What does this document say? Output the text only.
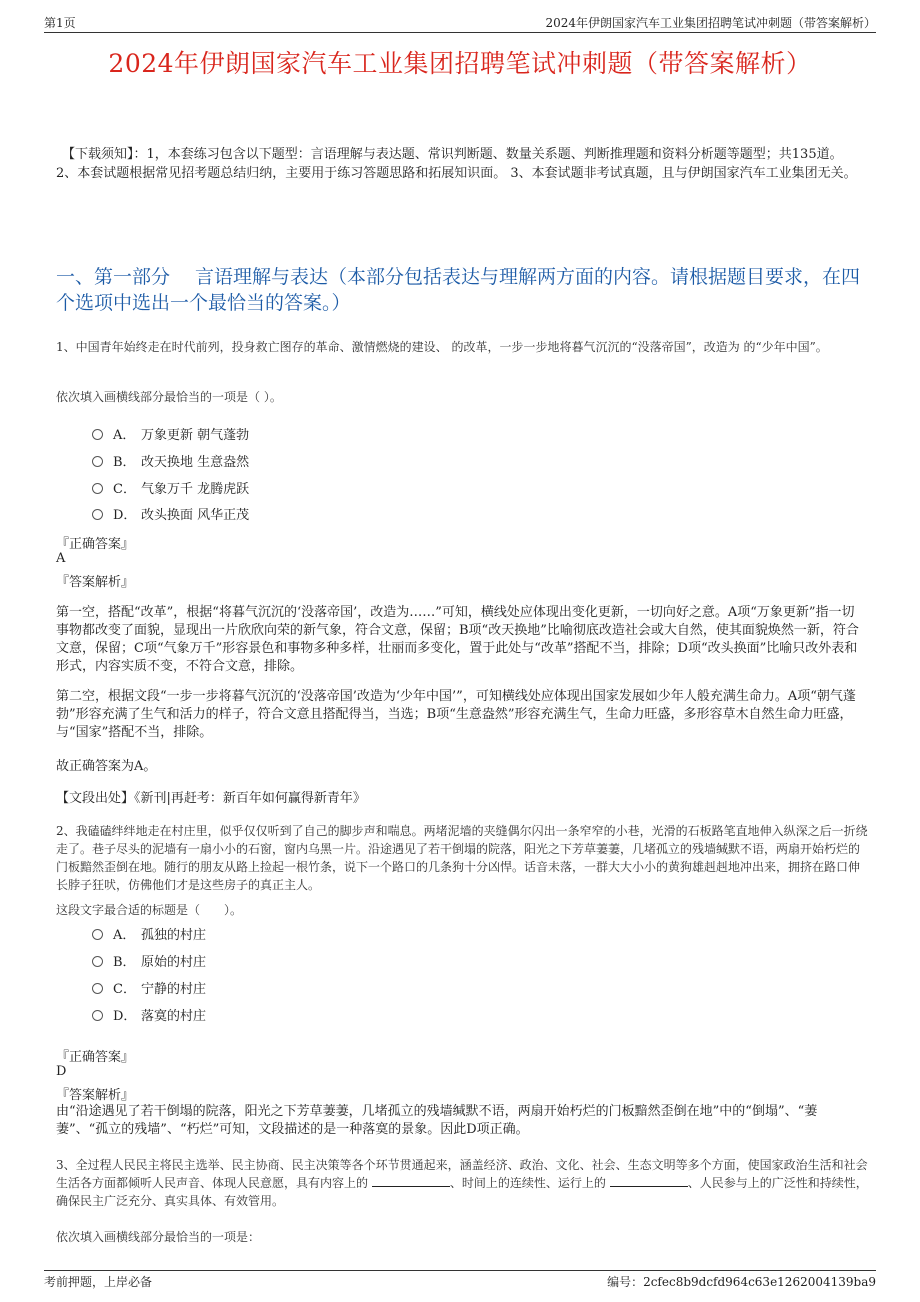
第1页	2024年伊朗国家汽车工业集团招聘笔试冲刺题（带答案解析）
2024年伊朗国家汽车工业集团招聘笔试冲刺题（带答案解析）
【下载须知】：1，本套练习包含以下题型：言语理解与表达题、常识判断题、数量关系题、判断推理题和资料分析题等题型；共135道。 2、本套试题根据常见招考题总结归纳，主要用于练习答题思路和拓展知识面。 3、本套试题非考试真题，且与伊朗国家汽车工业集团无关。
一、第一部分　 言语理解与表达（本部分包括表达与理解两方面的内容。请根据题目要求，在四个选项中选出一个最恰当的答案。）
1、中国青年始终走在时代前列，投身救亡图存的革命、激情燃烧的建设、 的改革，一步一步地将暮气沉沉的“没落帝国”，改造为 的“少年中国”。
依次填入画横线部分最恰当的一项是（ ）。
A． 万象更新 朝气蓬勃
B． 改天换地 生意盎然
C． 气象万千 龙腾虎跃
D． 改头换面 风华正茂
『正确答案』
A
『答案解析』
第一空，搭配“改革”，根据“将暮气沉沉的‘没落帝国’，改造为……”可知，横线处应体现出变化更新，一切向好之意。A项“万象更新”指一切事物都改变了面貌，显现出一片欣欣向荣的新气象，符合文意，保留；B项“改天换地”比喻彻底改造社会或大自然，使其面貌焕然一新，符合文意，保留；C项“气象万千”形容景色和事物多种多样，壮丽而多变化，置于此处与“改革”搭配不当，排除；D项“改头换面”比喻只改外表和形式，内容实质不变，不符合文意，排除。
第二空，根据文段“一步一步将暮气沉沉的‘没落帝国’改造为‘少年中国’”，可知横线处应体现出国家发展如少年人般充满生命力。A项“朝气蓬勃”形容充满了生气和活力的样子，符合文意且搭配得当，当选；B项“生意盎然”形容充满生气，生命力旺盛，多形容草木自然生命力旺盛，与“国家”搭配不当，排除。
故正确答案为A。
【文段出处】《新刊|再赶考：新百年如何赢得新青年》
2、我磕磕绊绊地走在村庄里，似乎仅仅听到了自己的脚步声和喘息。两堵泥墙的夹缝偶尔闪出一条窄窄的小巷，光滑的石板路笔直地伸入纵深之后一折绕走了。巷子尽头的泥墙有一扇小小的石窗，窗内乌黑一片。沿途遇见了若干倒塌的院落，阳光之下芳草萋萋，几堵孤立的残墙缄默不语，两扇开始朽烂的门板黯然歪倒在地。随行的朋友从路上捡起一根竹条，说下一个路口的几条狗十分凶悍。话音未落，一群大大小小的黄狗雄赳赳地冲出来，拥挤在路口伸长脖子狂吠，仿佛他们才是这些房子的真正主人。
这段文字最合适的标题是（　　）。
A． 孤独的村庄
B． 原始的村庄
C． 宁静的村庄
D． 落寞的村庄
『正确答案』
D
『答案解析』
由“沿途遇见了若干倒塌的院落，阳光之下芳草萋萋，几堵孤立的残墙缄默不语，两扇开始朽烂的门板黯然歪倒在地”中的“倒塌”、“萋萋”、“孤立的残墙”、“朽烂”可知，文段描述的是一种落寞的景象。因此D项正确。
3、全过程人民民主将民主选举、民主协商、民主决策等各个环节贯通起来，涵盖经济、政治、文化、社会、生态文明等多个方面，使国家政治生活和社会生活各方面都倾听人民声音、体现人民意愿，具有内容上的	、时间上的连续性、运行上的	、人民参与上的广泛性和持续性，确保民主广泛充分、真实具体、有效管用。
依次填入画横线部分最恰当的一项是：
考前押题，上岸必备	编号：2cfec8b9dcfd964c63e1262004139ba9
